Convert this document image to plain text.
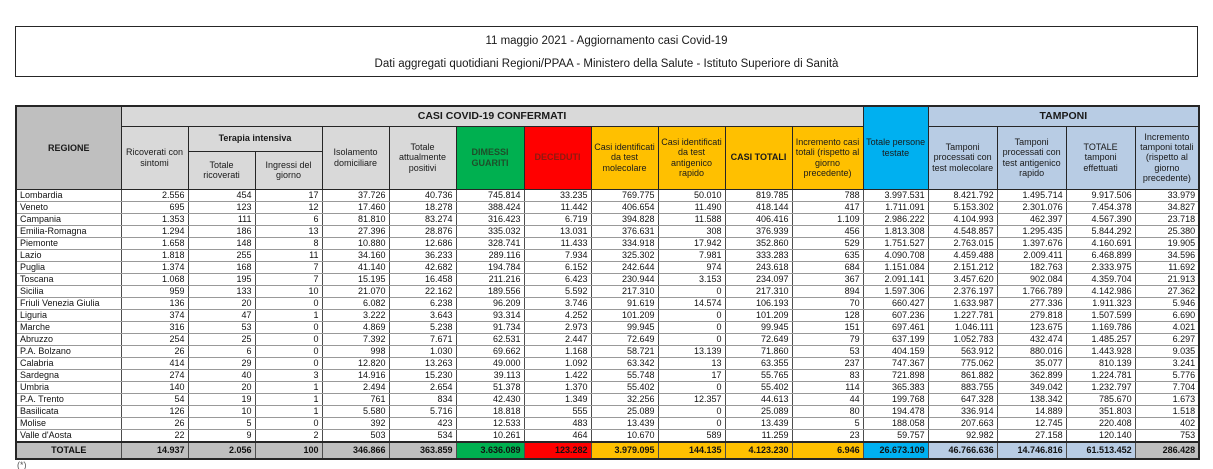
11 maggio 2021 - Aggiornamento casi Covid-19
Dati aggregati quotidiani Regioni/PPAA - Ministero della Salute - Istituto Superiore di Sanità
REGIONE	CASI COVID-19 CONFERMATI											Totale persone testate	TAMPONI			
	Ricoverati con sintomi	Terapia intensiva		Isolamento domiciliare	Totale attualmente positivi	DIMESSI GUARITI	DECEDUTI	Casi identificati da test molecolare	Casi identificati da test antigenico rapido	CASI TOTALI	Incremento casi totali (rispetto al giorno precedente)		Tamponi processati con test molecolare	Tamponi processati con test antigenico rapido	TOTALE tamponi effettuati	Incremento tamponi totali (rispetto al giorno precedente)
		Totale ricoverati	Ingressi del giorno													
Lombardia	2.556	454	17	37.726	40.736	745.814	33.235	769.775	50.010	819.785	788	3.997.531	8.421.792	1.495.714	9.917.506	33.979
Veneto	695	123	12	17.460	18.278	388.424	11.442	406.654	11.490	418.144	417	1.711.091	5.153.302	2.301.076	7.454.378	34.827
Campania	1.353	111	6	81.810	83.274	316.423	6.719	394.828	11.588	406.416	1.109	2.986.222	4.104.993	462.397	4.567.390	23.718
Emilia-Romagna	1.294	186	13	27.396	28.876	335.032	13.031	376.631	308	376.939	456	1.813.308	4.548.857	1.295.435	5.844.292	25.380
Piemonte	1.658	148	8	10.880	12.686	328.741	11.433	334.918	17.942	352.860	529	1.751.527	2.763.015	1.397.676	4.160.691	19.905
Lazio	1.818	255	11	34.160	36.233	289.116	7.934	325.302	7.981	333.283	635	4.090.708	4.459.488	2.009.411	6.468.899	34.596
Puglia	1.374	168	7	41.140	42.682	194.784	6.152	242.644	974	243.618	684	1.151.084	2.151.212	182.763	2.333.975	11.692
Toscana	1.068	195	7	15.195	16.458	211.216	6.423	230.944	3.153	234.097	367	2.091.141	3.457.620	902.084	4.359.704	21.913
Sicilia	959	133	10	21.070	22.162	189.556	5.592	217.310	0	217.310	894	1.597.306	2.376.197	1.766.789	4.142.986	27.362
Friuli Venezia Giulia	136	20	0	6.082	6.238	96.209	3.746	91.619	14.574	106.193	70	660.427	1.633.987	277.336	1.911.323	5.946
Liguria	374	47	1	3.222	3.643	93.314	4.252	101.209	0	101.209	128	607.236	1.227.781	279.818	1.507.599	6.690
Marche	316	53	0	4.869	5.238	91.734	2.973	99.945	0	99.945	151	697.461	1.046.111	123.675	1.169.786	4.021
Abruzzo	254	25	0	7.392	7.671	62.531	2.447	72.649	0	72.649	79	637.199	1.052.783	432.474	1.485.257	6.297
P.A. Bolzano	26	6	0	998	1.030	69.662	1.168	58.721	13.139	71.860	53	404.159	563.912	880.016	1.443.928	9.035
Calabria	414	29	0	12.820	13.263	49.000	1.092	63.342	13	63.355	237	747.367	775.062	35.077	810.139	3.241
Sardegna	274	40	3	14.916	15.230	39.113	1.422	55.748	17	55.765	83	721.898	861.882	362.899	1.224.781	5.776
Umbria	140	20	1	2.494	2.654	51.378	1.370	55.402	0	55.402	114	365.383	883.755	349.042	1.232.797	7.704
P.A. Trento	54	19	1	761	834	42.430	1.349	32.256	12.357	44.613	44	199.768	647.328	138.342	785.670	1.673
Basilicata	126	10	1	5.580	5.716	18.818	555	25.089	0	25.089	80	194.478	336.914	14.889	351.803	1.518
Molise	26	5	0	392	423	12.533	483	13.439	0	13.439	5	188.058	207.663	12.745	220.408	402
Valle d'Aosta	22	9	2	503	534	10.261	464	10.670	589	11.259	23	59.757	92.982	27.158	120.140	753
TOTALE	14.937	2.056	100	346.866	363.859	3.636.089	123.282	3.979.095	144.135	4.123.230	6.946	26.673.109	46.766.636	14.746.816	61.513.452	286.428
(*)
